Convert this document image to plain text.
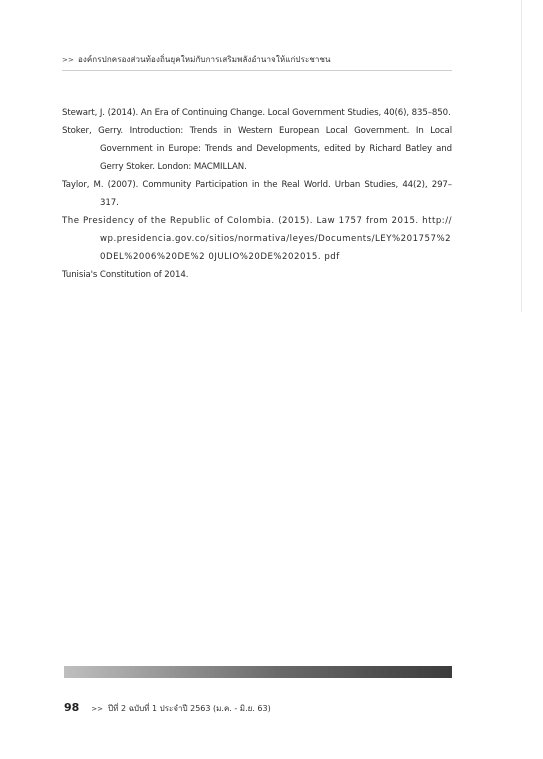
>> องค์กรปกครองส่วนท้องถิ่นยุคใหม่กับการเสริมพลังอำนาจให้แก่ประชาชน
Stewart, J. (2014). An Era of Continuing Change. Local Government Studies, 40(6), 835–850.
Stoker, Gerry. Introduction: Trends in Western European Local Government. In Local Government in Europe: Trends and Developments, edited by Richard Batley and Gerry Stoker. London: MACMILLAN.
Taylor, M. (2007). Community Participation in the Real World. Urban Studies, 44(2), 297–317.
The Presidency of the Republic of Colombia. (2015). Law 1757 from 2015. http://wp.presidencia.gov.co/sitios/normativa/leyes/Documents/LEY%201757%20DEL%2006%20DE%2 0JULIO%20DE%202015. pdf
Tunisia's Constitution of 2014.
98 >> ปีที่ 2 ฉบับที่ 1 ประจำปี 2563 (ม.ค. - มิ.ย. 63)
